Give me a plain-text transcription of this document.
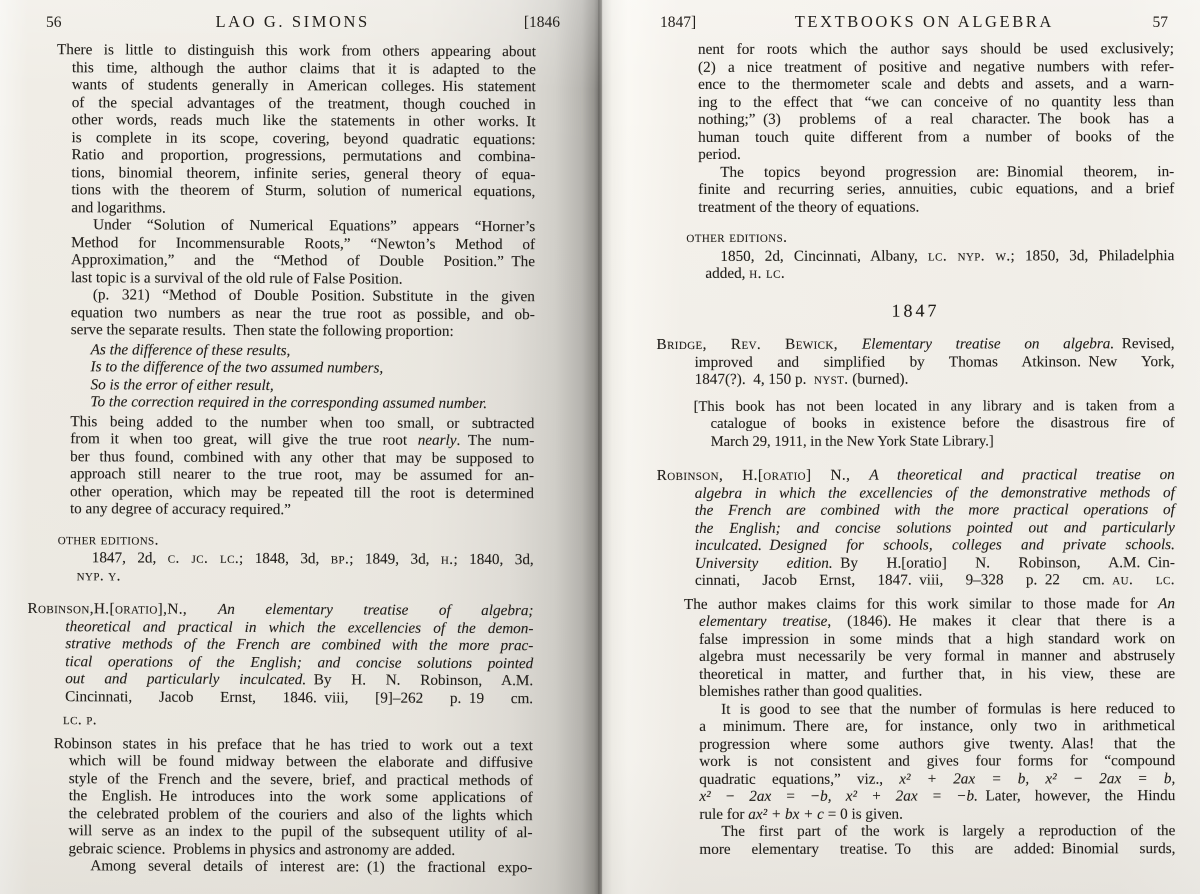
56	LAO G. SIMONS	[1846	1847]	TEXTBOOKS ON ALGEBRA	57
There is little to distinguish this work from others appearing about
this time, although the author claims that it is adapted to the
wants of students generally in American colleges. His statement
of the special advantages of the treatment, though couched in
other words, reads much like the statements in other works. It
is complete in its scope, covering, beyond quadratic equations:
Ratio and proportion, progressions, permutations and combina-
tions, binomial theorem, infinite series, general theory of equa-
tions with the theorem of Sturm, solution of numerical equations,
and logarithms.
Under “Solution of Numerical Equations” appears “Horner’s
Method for Incommensurable Roots,” “Newton’s Method of
Approximation,” and the “Method of Double Position.” The
last topic is a survival of the old rule of False Position.
(p. 321) “Method of Double Position. Substitute in the given
equation two numbers as near the true root as possible, and ob-
serve the separate results. Then state the following proportion:
As the difference of these results,
Is to the difference of the two assumed numbers,
So is the error of either result,
To the correction required in the corresponding assumed number.
This being added to the number when too small, or subtracted
from it when too great, will give the true root nearly. The num-
ber thus found, combined with any other that may be supposed to
approach still nearer to the true root, may be assumed for an-
other operation, which may be repeated till the root is determined
to any degree of accuracy required.”
other editions.
1847, 2d, c. jc. lc.; 1848, 3d, bp.; 1849, 3d, h.; 1840, 3d,
nyp. y.
Robinson,H.[oratio],N., An elementary treatise of algebra;
theoretical and practical in which the excellencies of the demon-
strative methods of the French are combined with the more prac-
tical operations of the English; and concise solutions pointed
out and particularly inculcated. By H. N. Robinson, A.M.
Cincinnati, Jacob Ernst, 1846. viii, [9]–262 p. 19 cm.
lc. p.
Robinson states in his preface that he has tried to work out a text
which will be found midway between the elaborate and diffusive
style of the French and the severe, brief, and practical methods of
the English. He introduces into the work some applications of
the celebrated problem of the couriers and also of the lights which
will serve as an index to the pupil of the subsequent utility of al-
gebraic science. Problems in physics and astronomy are added.
Among several details of interest are: (1) the fractional expo-
nent for roots which the author says should be used exclusively;
(2) a nice treatment of positive and negative numbers with refer-
ence to the thermometer scale and debts and assets, and a warn-
ing to the effect that “we can conceive of no quantity less than
nothing;” (3) problems of a real character. The book has a
human touch quite different from a number of books of the
period.
The topics beyond progression are: Binomial theorem, in-
finite and recurring series, annuities, cubic equations, and a brief
treatment of the theory of equations.
other editions.
1850, 2d, Cincinnati, Albany, lc. nyp. w.; 1850, 3d, Philadelphia
added, h. lc.
1847
Bridge, Rev. Bewick, Elementary treatise on algebra. Revised,
improved and simplified by Thomas Atkinson. New York,
1847(?). 4, 150 p. nyst. (burned).
[This book has not been located in any library and is taken from a
catalogue of books in existence before the disastrous fire of
March 29, 1911, in the New York State Library.]
Robinson, H.[oratio] N., A theoretical and practical treatise on
algebra in which the excellencies of the demonstrative methods of
the French are combined with the more practical operations of
the English; and concise solutions pointed out and particularly
inculcated. Designed for schools, colleges and private schools.
University edition. By H.[oratio] N. Robinson, A.M. Cin-
cinnati, Jacob Ernst, 1847. viii, 9–328 p. 22 cm. au. lc.
The author makes claims for this work similar to those made for An
elementary treatise, (1846). He makes it clear that there is a
false impression in some minds that a high standard work on
algebra must necessarily be very formal in manner and abstrusely
theoretical in matter, and further that, in his view, these are
blemishes rather than good qualities.
It is good to see that the number of formulas is here reduced to
a minimum. There are, for instance, only two in arithmetical
progression where some authors give twenty. Alas! that the
work is not consistent and gives four forms for “compound
quadratic equations,” viz., x² + 2ax = b, x² − 2ax = b,
x² − 2ax = −b, x² + 2ax = −b. Later, however, the Hindu
rule for ax² + bx + c = 0 is given.
The first part of the work is largely a reproduction of the
more elementary treatise. To this are added: Binomial surds,
